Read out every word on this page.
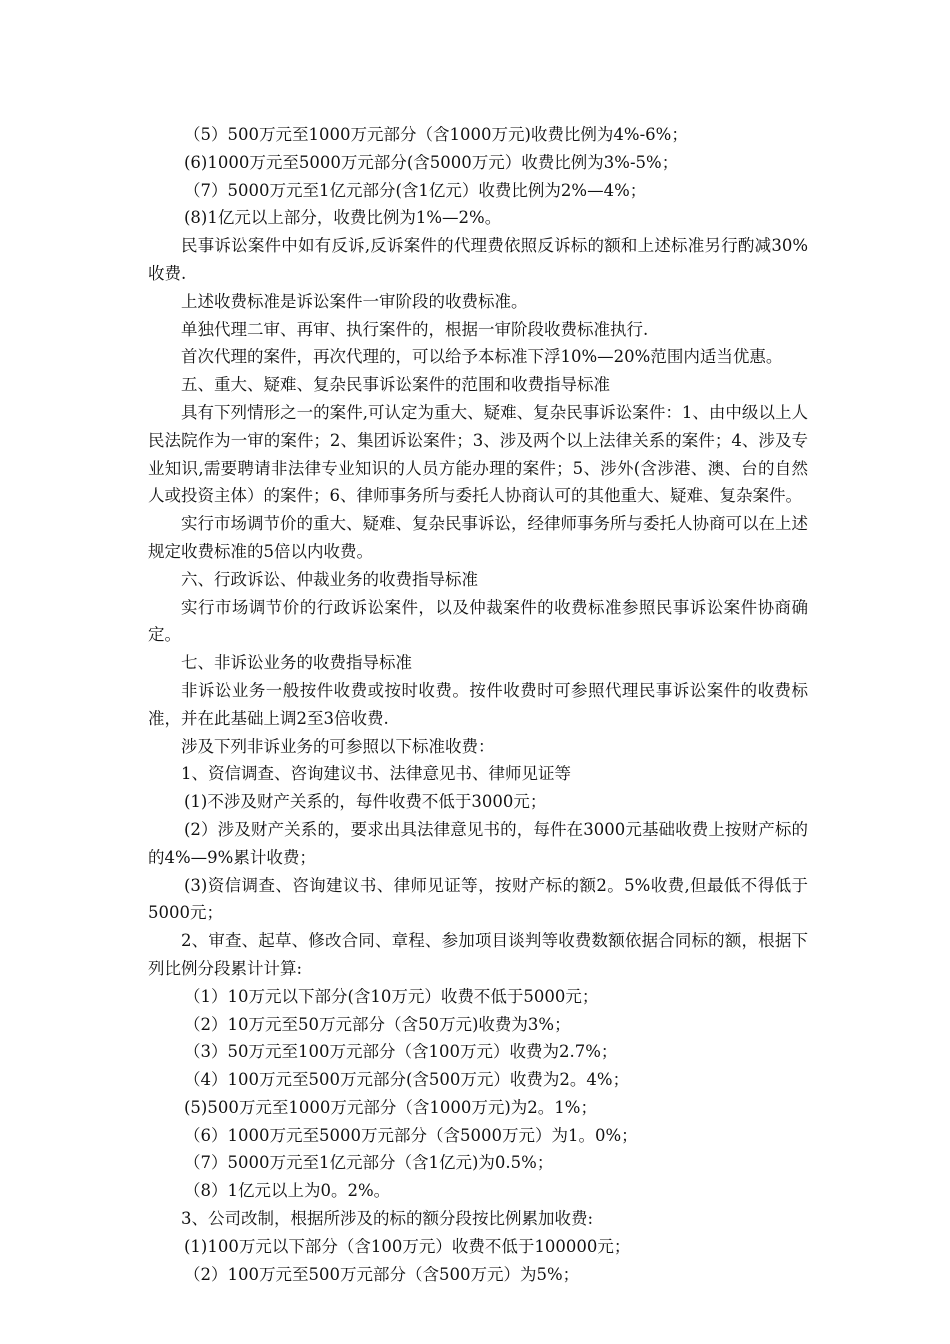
（5）500万元至1000万元部分（含1000万元)收费比例为4%-6%；

(6)1000万元至5000万元部分(含5000万元）收费比例为3%-5%；

（7）5000万元至1亿元部分(含1亿元）收费比例为2%—4%；

(8)1亿元以上部分，收费比例为1%—2%。

民事诉讼案件中如有反诉,反诉案件的代理费依照反诉标的额和上述标准另行酌减30%收费.

上述收费标准是诉讼案件一审阶段的收费标准。

单独代理二审、再审、执行案件的，根据一审阶段收费标准执行.

首次代理的案件，再次代理的，可以给予本标准下浮10%—20%范围内适当优惠。

五、重大、疑难、复杂民事诉讼案件的范围和收费指导标准

具有下列情形之一的案件,可认定为重大、疑难、复杂民事诉讼案件：1、由中级以上人民法院作为一审的案件；2、集团诉讼案件；3、涉及两个以上法律关系的案件；4、涉及专业知识,需要聘请非法律专业知识的人员方能办理的案件；5、涉外(含涉港、澳、台的自然人或投资主体）的案件；6、律师事务所与委托人协商认可的其他重大、疑难、复杂案件。

实行市场调节价的重大、疑难、复杂民事诉讼，经律师事务所与委托人协商可以在上述规定收费标准的5倍以内收费。

六、行政诉讼、仲裁业务的收费指导标准

实行市场调节价的行政诉讼案件，以及仲裁案件的收费标准参照民事诉讼案件协商确定。

七、非诉讼业务的收费指导标准

非诉讼业务一般按件收费或按时收费。按件收费时可参照代理民事诉讼案件的收费标准，并在此基础上调2至3倍收费.

涉及下列非诉业务的可参照以下标准收费：

1、资信调查、咨询建议书、法律意见书、律师见证等

(1)不涉及财产关系的，每件收费不低于3000元；

(2）涉及财产关系的，要求出具法律意见书的，每件在3000元基础收费上按财产标的的4%—9%累计收费；

(3)资信调查、咨询建议书、律师见证等，按财产标的额2。5%收费,但最低不得低于5000元；

2、审查、起草、修改合同、章程、参加项目谈判等收费数额依据合同标的额，根据下列比例分段累计计算:

（1）10万元以下部分(含10万元）收费不低于5000元；

（2）10万元至50万元部分（含50万元)收费为3%；

（3）50万元至100万元部分（含100万元）收费为2.7%；

（4）100万元至500万元部分(含500万元）收费为2。4%；

(5)500万元至1000万元部分（含1000万元)为2。1%；

（6）1000万元至5000万元部分（含5000万元）为1。0%；

（7）5000万元至1亿元部分（含1亿元)为0.5%；

（8）1亿元以上为0。2%。

3、公司改制，根据所涉及的标的额分段按比例累加收费:

(1)100万元以下部分（含100万元）收费不低于100000元；

（2）100万元至500万元部分（含500万元）为5%；
